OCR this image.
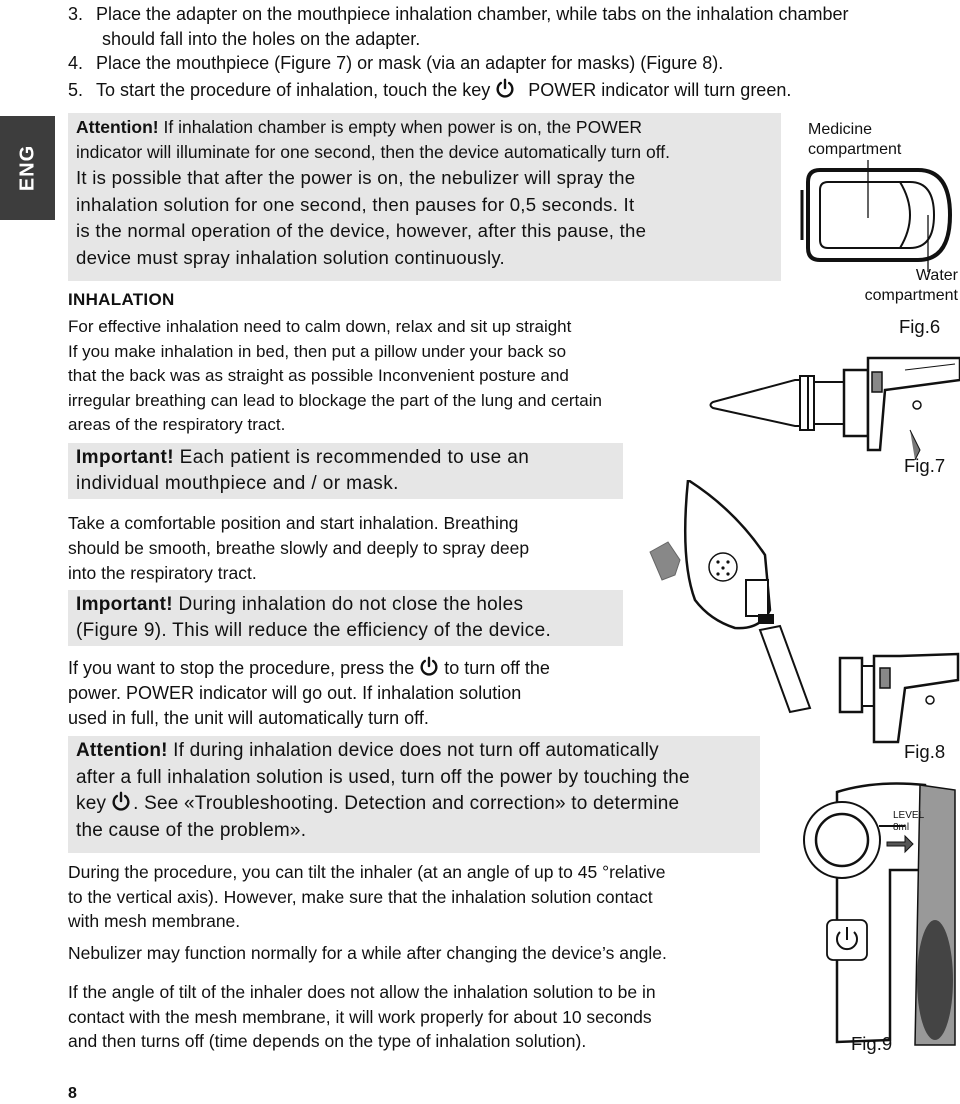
ENG

3. Place the adapter on the mouthpiece inhalation chamber, while tabs on the inhalation chamber

should fall into the holes on the adapter.

4. Place the mouthpiece (Figure 7) or mask (via an adapter for masks) (Figure 8).

5. To start the procedure of inhalation, touch the key POWER indicator will turn green.

Attention! If inhalation chamber is empty when power is on, the POWER
indicator will illuminate for one second, then the device automatically turn off.
It is possible that after the power is on, the nebulizer will spray the
inhalation solution for one second, then pauses for 0,5 seconds. It
is the normal operation of the device, however, after this pause, the
device must spray inhalation solution continuously.
INHALATION
For effective inhalation need to calm down, relax and sit up straight
If you make inhalation in bed, then put a pillow under your back so
that the back was as straight as possible Inconvenient posture and
irregular breathing can lead to blockage the part of the lung and certain
areas of the respiratory tract.
Important! Each patient is recommended to use an
individual mouthpiece and / or mask.
Take a comfortable position and start inhalation. Breathing
should be smooth, breathe slowly and deeply to spray deep
into the respiratory tract.
Important! During inhalation do not close the holes
(Figure 9). This will reduce the efficiency of the device.
If you want to stop the procedure, press the to turn off the
power. POWER indicator will go out. If inhalation solution
used in full, the unit will automatically turn off.
Attention! If during inhalation device does not turn off automatically
after a full inhalation solution is used, turn off the power by touching the
key . See «Troubleshooting. Detection and correction» to determine
the cause of the problem».
During the procedure, you can tilt the inhaler (at an angle of up to 45 °relative
to the vertical axis). However, make sure that the inhalation solution contact
with mesh membrane.
Nebulizer may function normally for a while after changing the device’s angle.
If the angle of tilt of the inhaler does not allow the inhalation solution to be in
contact with the mesh membrane, it will work properly for about 10 seconds
and then turns off (time depends on the type of inhalation solution).
Medicine
compartment
Water
compartment
Fig.6
Fig.7
Fig.8
LEVEL
8ml
Fig.9
8
